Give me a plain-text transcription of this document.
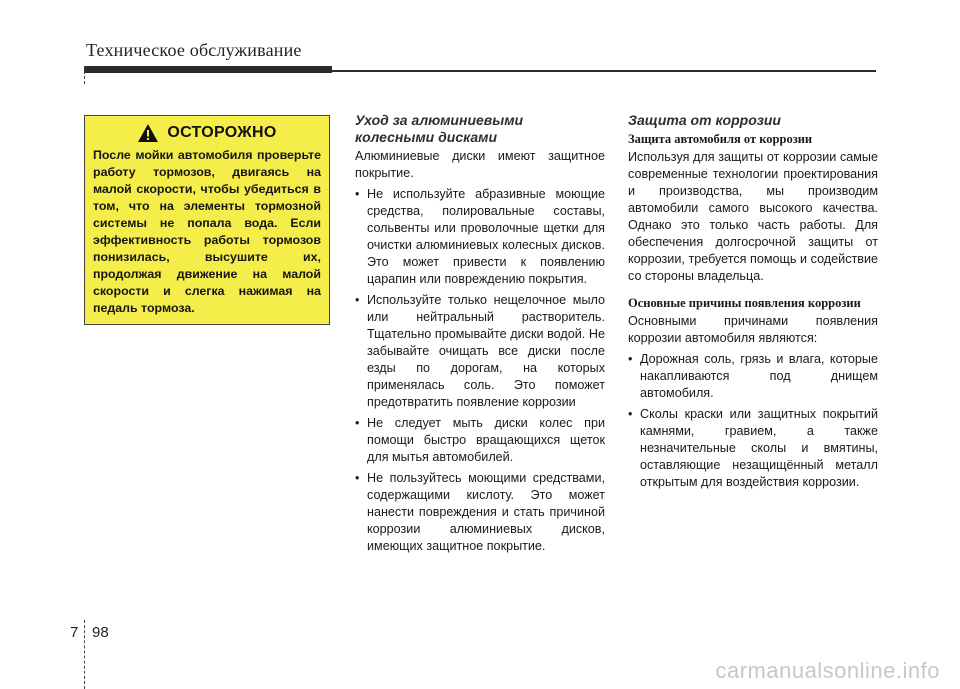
Техническое обслуживание
ОСТОРОЖНО

После мойки автомобиля проверьте работу тормозов, двигаясь на малой скорости, чтобы убедиться в том, что на элементы тормозной системы не попала вода. Если эффективность работы тормозов понизилась, высушите их, продолжая движение на малой скорости и слегка нажимая на педаль тормоза.

Уход за алюминиевыми колесными дисками

Алюминиевые диски имеют защитное покрытие.

• Не используйте абразивные моющие средства, полировальные составы, сольвенты или проволочные щетки для очистки алюминиевых колесных дисков. Это может привести к появлению царапин или повреждению покрытия.
• Используйте только нещелочное мыло или нейтральный растворитель. Тщательно промывайте диски водой. Не забывайте очищать все диски после езды по дорогам, на которых применялась соль. Это поможет предотвратить появление коррозии
• Не следует мыть диски колес при помощи быстро вращающихся щеток для мытья автомобилей.
• Не пользуйтесь моющими средствами, содержащими кислоту. Это может нанести повреждения и стать причиной коррозии алюминиевых дисков, имеющих защитное покрытие.
Защита от коррозии
Защита автомобиля от коррозии

Используя для защиты от коррозии самые современные технологии проектирования и производства, мы производим автомобили самого высокого качества. Однако это только часть работы. Для обеспечения долгосрочной защиты от коррозии, требуется помощь и содействие со стороны владельца.

Основные причины появления коррозии

Основными причинами появления коррозии автомобиля являются:

• Дорожная соль, грязь и влага, которые накапливаются под днищем автомобиля.
• Сколы краски или защитных покрытий камнями, гравием, а также незначительные сколы и вмятины, оставляющие незащищённый металл открытым для воздействия коррозии.
7 98
carmanualsonline.info
